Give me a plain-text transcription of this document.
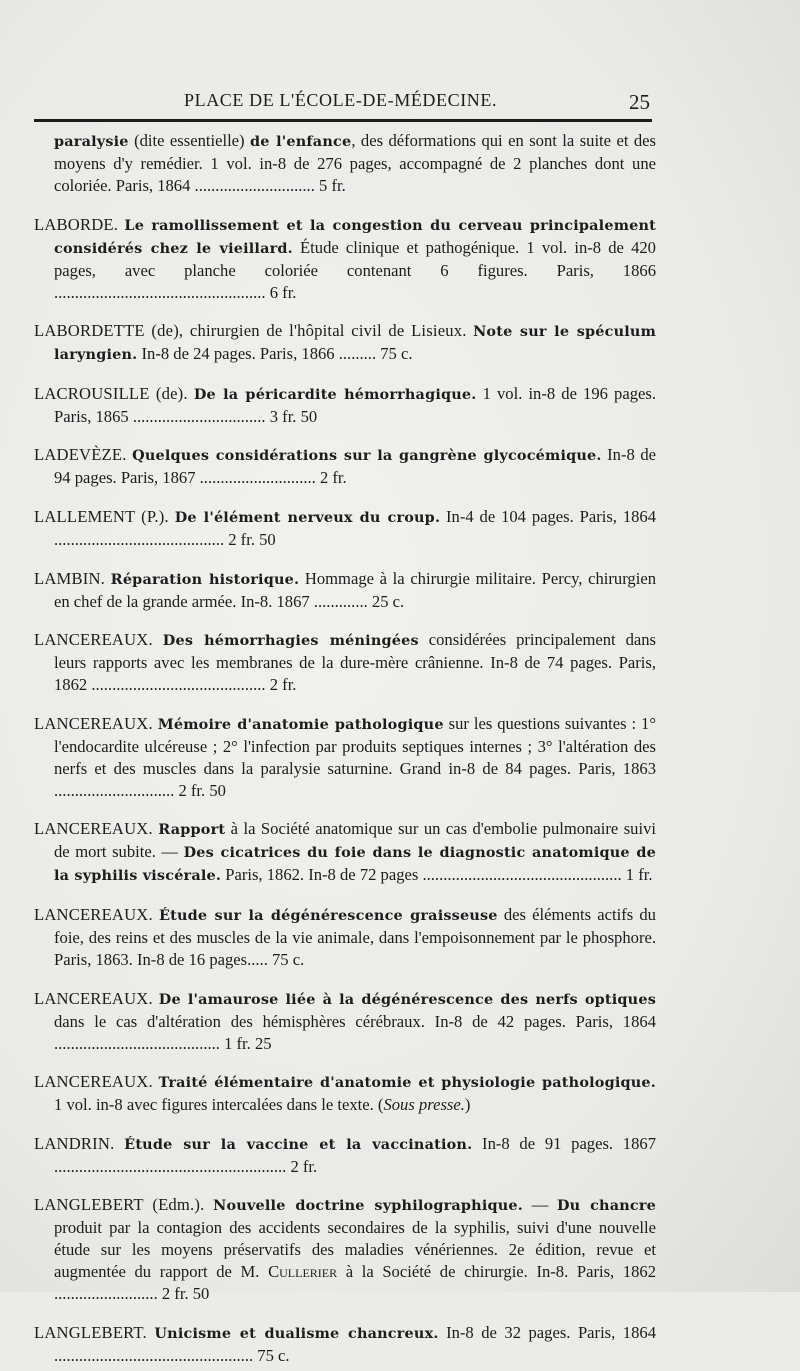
PLACE DE L'ÉCOLE-DE-MÉDECINE.	25

paralysie (dite essentielle) de l'enfance, des déformations qui en sont la suite et des moyens d'y remédier. 1 vol. in-8 de 276 pages, accompagné de 2 planches dont une coloriée. Paris, 1864 ............................. 5 fr.

LABORDE. Le ramollissement et la congestion du cerveau principalement considérés chez le vieillard. Étude clinique et pathogénique. 1 vol. in-8 de 420 pages, avec planche coloriée contenant 6 figures. Paris, 1866 ................................................... 6 fr.

LABORDETTE (de), chirurgien de l'hôpital civil de Lisieux. Note sur le spéculum laryngien. In-8 de 24 pages. Paris, 1866 ......... 75 c.

LACROUSILLE (de). De la péricardite hémorrhagique. 1 vol. in-8 de 196 pages. Paris, 1865 ................................ 3 fr. 50

LADEVÈZE. Quelques considérations sur la gangrène glycocémique. In-8 de 94 pages. Paris, 1867 ............................ 2 fr.

LALLEMENT (P.). De l'élément nerveux du croup. In-4 de 104 pages. Paris, 1864 ......................................... 2 fr. 50

LAMBIN. Réparation historique. Hommage à la chirurgie militaire. Percy, chirurgien en chef de la grande armée. In-8. 1867 ............. 25 c.

LANCEREAUX. Des hémorrhagies méningées considérées principalement dans leurs rapports avec les membranes de la dure-mère crânienne. In-8 de 74 pages. Paris, 1862 .......................................... 2 fr.

LANCEREAUX. Mémoire d'anatomie pathologique sur les questions suivantes : 1° l'endocardite ulcéreuse ; 2° l'infection par produits septiques internes ; 3° l'altération des nerfs et des muscles dans la paralysie saturnine. Grand in-8 de 84 pages. Paris, 1863 ............................. 2 fr. 50

LANCEREAUX. Rapport à la Société anatomique sur un cas d'embolie pulmonaire suivi de mort subite. — Des cicatrices du foie dans le diagnostic anatomique de la syphilis viscérale. Paris, 1862. In-8 de 72 pages ................................................ 1 fr.

LANCEREAUX. Étude sur la dégénérescence graisseuse des éléments actifs du foie, des reins et des muscles de la vie animale, dans l'empoisonnement par le phosphore. Paris, 1863. In-8 de 16 pages..... 75 c.

LANCEREAUX. De l'amaurose liée à la dégénérescence des nerfs optiques dans le cas d'altération des hémisphères cérébraux. In-8 de 42 pages. Paris, 1864 ........................................ 1 fr. 25

LANCEREAUX. Traité élémentaire d'anatomie et physiologie pathologique. 1 vol. in-8 avec figures intercalées dans le texte. (Sous presse.)

LANDRIN. Étude sur la vaccine et la vaccination. In-8 de 91 pages. 1867 ........................................................ 2 fr.

LANGLEBERT (Edm.). Nouvelle doctrine syphilographique. — Du chancre produit par la contagion des accidents secondaires de la syphilis, suivi d'une nouvelle étude sur les moyens préservatifs des maladies vénériennes. 2e édition, revue et augmentée du rapport de M. Cullerier à la Société de chirurgie. In-8. Paris, 1862 ......................... 2 fr. 50

LANGLEBERT. Unicisme et dualisme chancreux. In-8 de 32 pages. Paris, 1864 ................................................ 75 c.
